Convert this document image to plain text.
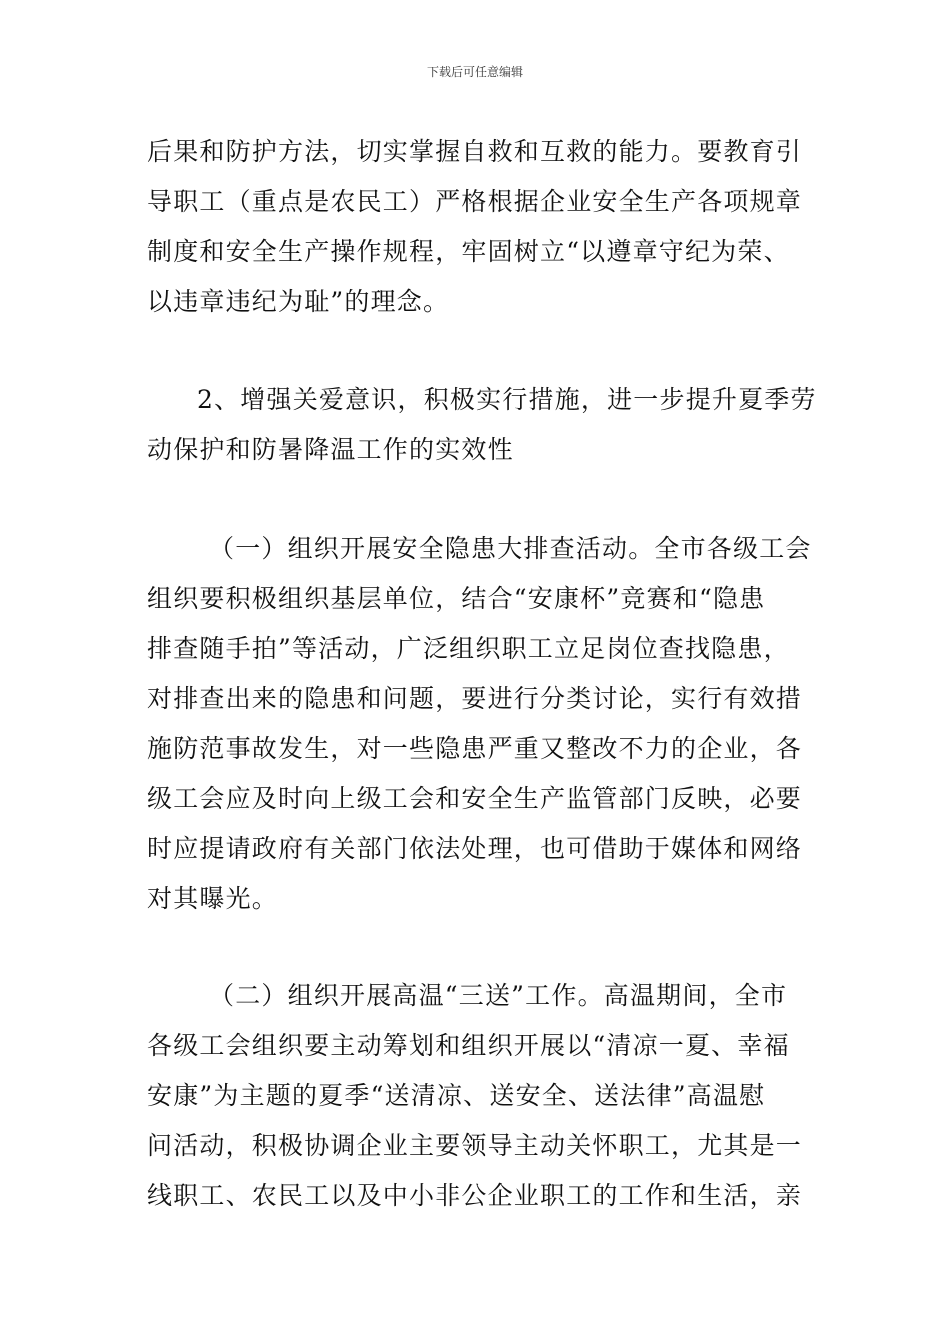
下载后可任意编辑
后果和防护方法，切实掌握自救和互救的能力。要教育引
导职工（重点是农民工）严格根据企业安全生产各项规章
制度和安全生产操作规程，牢固树立“以遵章守纪为荣、
以违章违纪为耻”的理念。
2、增强关爱意识，积极实行措施，进一步提升夏季劳
动保护和防暑降温工作的实效性
（一）组织开展安全隐患大排查活动。全市各级工会
组织要积极组织基层单位，结合“安康杯”竞赛和“隐患
排查随手拍”等活动，广泛组织职工立足岗位查找隐患，
对排查出来的隐患和问题，要进行分类讨论，实行有效措
施防范事故发生，对一些隐患严重又整改不力的企业，各
级工会应及时向上级工会和安全生产监管部门反映，必要
时应提请政府有关部门依法处理，也可借助于媒体和网络
对其曝光。
（二）组织开展高温“三送”工作。高温期间，全市
各级工会组织要主动筹划和组织开展以“清凉一夏、幸福
安康”为主题的夏季“送清凉、送安全、送法律”高温慰
问活动，积极协调企业主要领导主动关怀职工，尤其是一
线职工、农民工以及中小非公企业职工的工作和生活，亲
